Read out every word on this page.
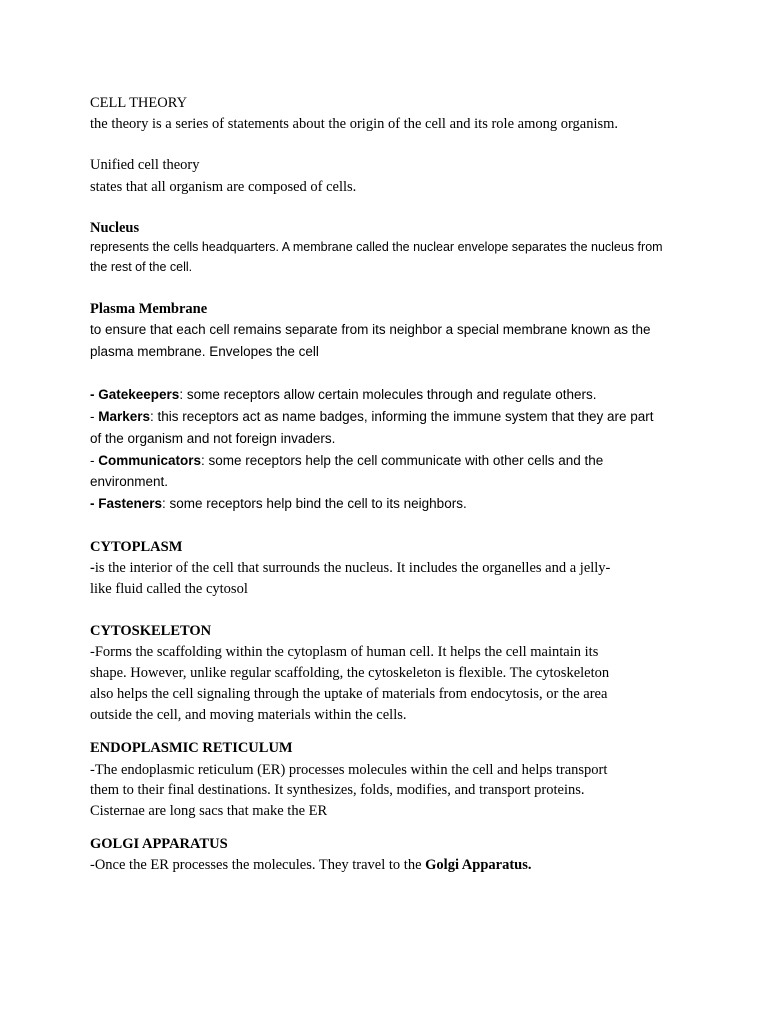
CELL THEORY
the theory is a series of statements about the origin of the cell and its role among organism.
Unified cell theory
states that all organism are composed of cells.
Nucleus
represents the cells headquarters. A membrane called the nuclear envelope separates the nucleus from
the rest of the cell.
Plasma Membrane
to ensure that each cell remains separate from its neighbor a special membrane known as the
plasma membrane. Envelopes the cell
- Gatekeepers: some receptors allow certain molecules through and regulate others.
- Markers: this receptors act as name badges, informing the immune system that they are part
of the organism and not foreign invaders.
- Communicators: some receptors help the cell communicate with other cells and the
environment.
- Fasteners: some receptors help bind the cell to its neighbors.
CYTOPLASM
-is the interior of the cell that surrounds the nucleus. It includes the organelles and a jelly-
like fluid called the cytosol
CYTOSKELETON
-Forms the scaffolding within the cytoplasm of human cell. It helps the cell maintain its
shape. However, unlike regular scaffolding, the cytoskeleton is flexible. The cytoskeleton
also helps the cell signaling through the uptake of materials from endocytosis, or the area
outside the cell, and moving materials within the cells.
ENDOPLASMIC RETICULUM
-The endoplasmic reticulum (ER) processes molecules within the cell and helps transport
them to their final destinations. It synthesizes, folds, modifies, and transport proteins.
Cisternae are long sacs that make the ER
GOLGI APPARATUS
-Once the ER processes the molecules. They travel to the Golgi Apparatus.
